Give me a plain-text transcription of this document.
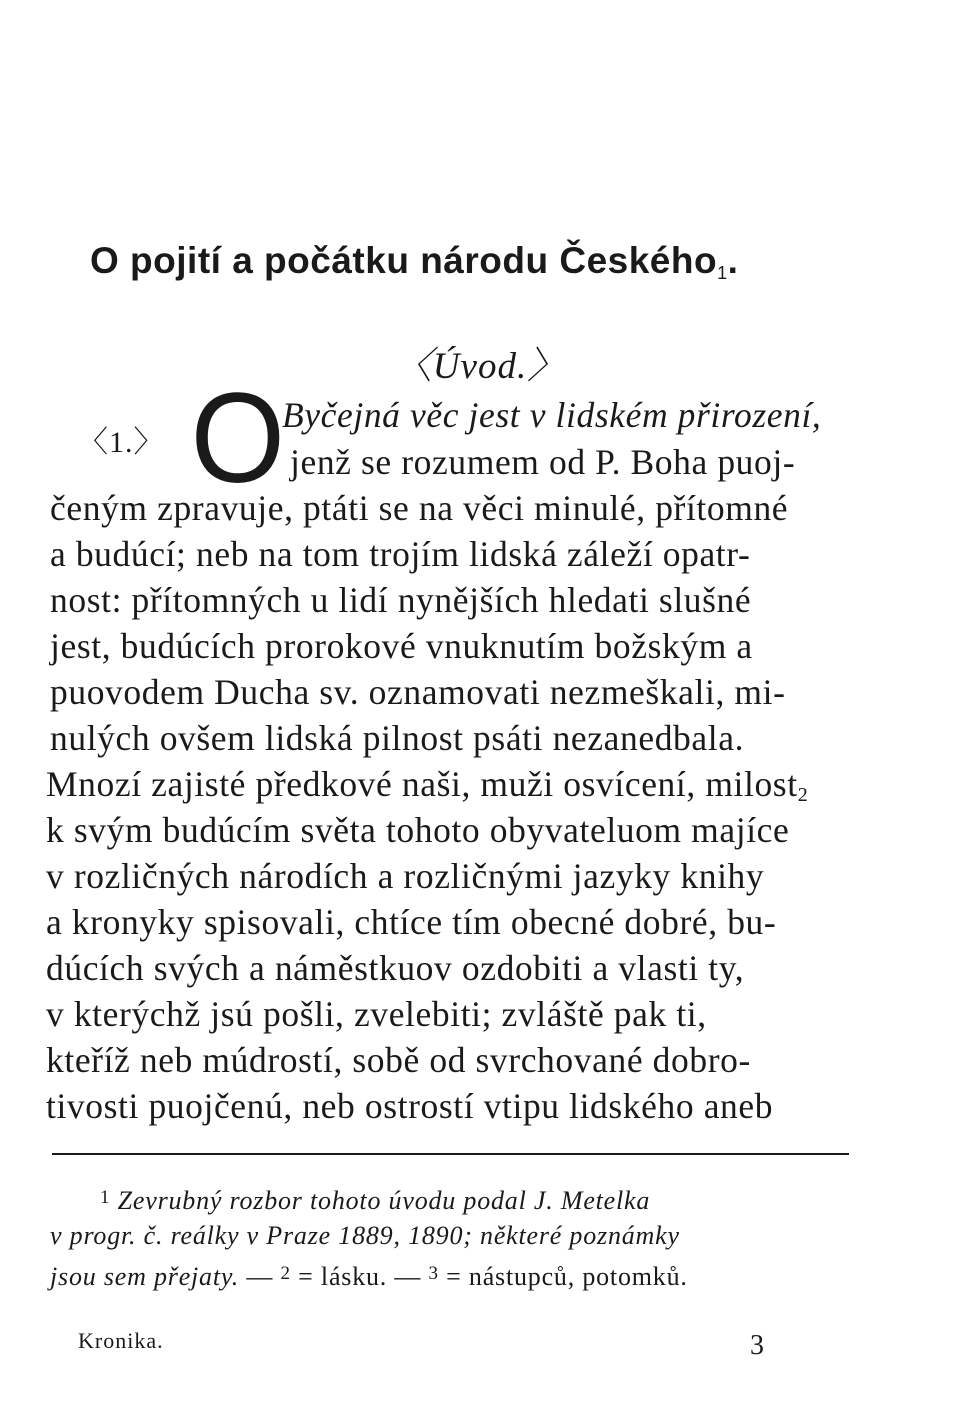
O pojití a počátku národu Českého$_1$.
〈Úvod.〉
〈1.〉 O
Byčejná věc jest v lidském přirození,
jenž se rozumem od P. Boha puoj-
čeným zpravuje, ptáti se na věci minulé, přítomné
a budúcí; neb na tom trojím lidská záleží opatr-
nost: přítomných u lidí nynějších hledati slušné
jest, budúcích prorokové vnuknutím božským a
puovodem Ducha sv. oznamovati nezmeškali, mi-
nulých ovšem lidská pilnost psáti nezanedbala.
Mnozí zajisté předkové naši, muži osvícení, milost2
k svým budúcím světa tohoto obyvateluom majíce
v rozličných národích a rozličnými jazyky knihy
a kronyky spisovali, chtíce tím obecné dobré, bu-
dúcích svých a náměstkuov ozdobiti a vlasti ty,
v kterýchž jsú pošli, zvelebiti; zvláště pak ti,
kteříž neb múdrostí, sobě od svrchované dobro-
tivosti puojčenú, neb ostrostí vtipu lidského aneb
$^1$ Zevrubný rozbor tohoto úvodu podal J. Metelka
v progr. č. reálky v Praze 1889, 1890; některé poznámky
jsou sem přejaty. — $^2$ = lásku. — $^3$ = nástupců, potomků.
Kronika.	3
